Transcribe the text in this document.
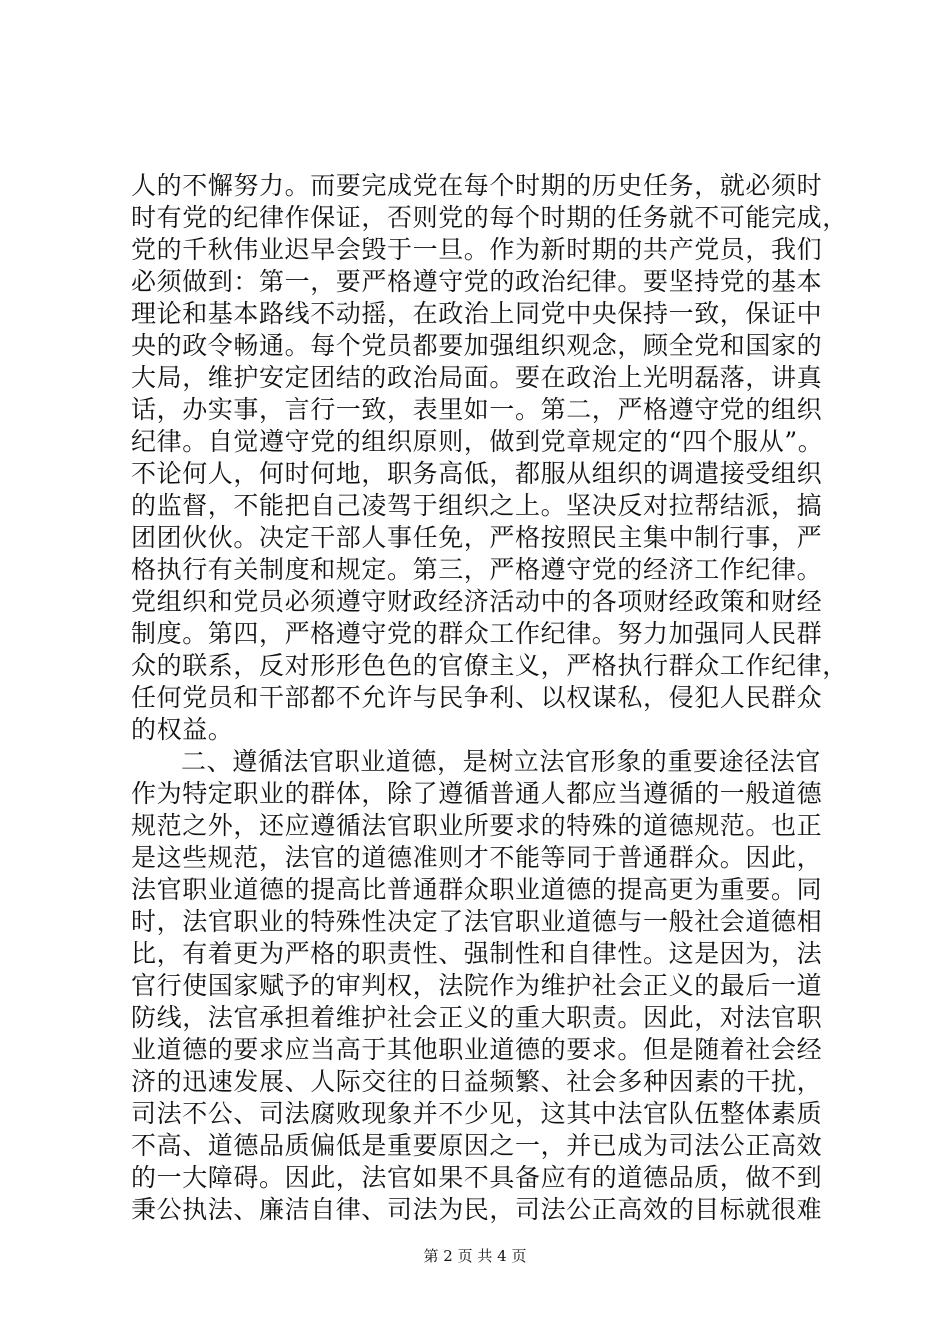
人的不懈努力。而要完成党在每个时期的历史任务，就必须时
时有党的纪律作保证，否则党的每个时期的任务就不可能完成，
党的千秋伟业迟早会毁于一旦。作为新时期的共产党员，我们
必须做到：第一，要严格遵守党的政治纪律。要坚持党的基本
理论和基本路线不动摇，在政治上同党中央保持一致，保证中
央的政令畅通。每个党员都要加强组织观念，顾全党和国家的
大局，维护安定团结的政治局面。要在政治上光明磊落，讲真
话，办实事，言行一致，表里如一。第二，严格遵守党的组织
纪律。自觉遵守党的组织原则，做到党章规定的“四个服从”。
不论何人，何时何地，职务高低，都服从组织的调遣接受组织
的监督，不能把自己凌驾于组织之上。坚决反对拉帮结派，搞
团团伙伙。决定干部人事任免，严格按照民主集中制行事，严
格执行有关制度和规定。第三，严格遵守党的经济工作纪律。
党组织和党员必须遵守财政经济活动中的各项财经政策和财经
制度。第四，严格遵守党的群众工作纪律。努力加强同人民群
众的联系，反对形形色色的官僚主义，严格执行群众工作纪律，
任何党员和干部都不允许与民争利、以权谋私，侵犯人民群众
的权益。
二、遵循法官职业道德，是树立法官形象的重要途径法官
作为特定职业的群体，除了遵循普通人都应当遵循的一般道德
规范之外，还应遵循法官职业所要求的特殊的道德规范。也正
是这些规范，法官的道德准则才不能等同于普通群众。因此，
法官职业道德的提高比普通群众职业道德的提高更为重要。同
时，法官职业的特殊性决定了法官职业道德与一般社会道德相
比，有着更为严格的职责性、强制性和自律性。这是因为，法
官行使国家赋予的审判权，法院作为维护社会正义的最后一道
防线，法官承担着维护社会正义的重大职责。因此，对法官职
业道德的要求应当高于其他职业道德的要求。但是随着社会经
济的迅速发展、人际交往的日益频繁、社会多种因素的干扰，
司法不公、司法腐败现象并不少见，这其中法官队伍整体素质
不高、道德品质偏低是重要原因之一，并已成为司法公正高效
的一大障碍。因此，法官如果不具备应有的道德品质，做不到
秉公执法、廉洁自律、司法为民，司法公正高效的目标就很难
第 2 页 共 4 页
